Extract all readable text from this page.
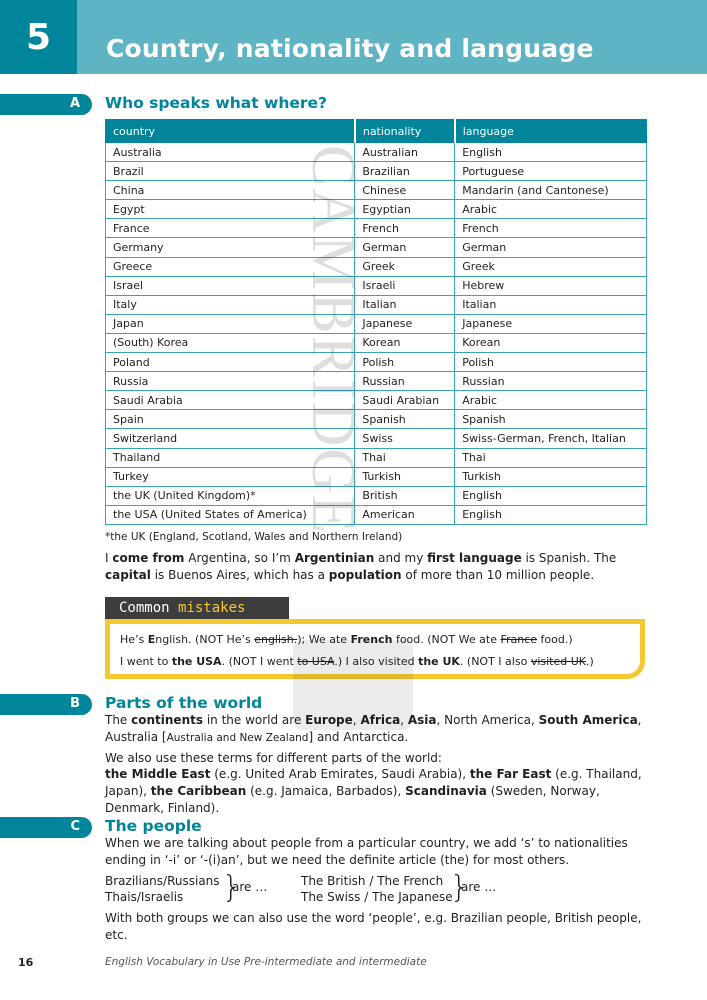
5 Country, nationality and language
A Who speaks what where?
country	nationality	language
Australia	Australian	English
Brazil	Brazilian	Portuguese
China	Chinese	Mandarin (and Cantonese)
Egypt	Egyptian	Arabic
France	French	French
Germany	German	German
Greece	Greek	Greek
Israel	Israeli	Hebrew
Italy	Italian	Italian
Japan	Japanese	Japanese
(South) Korea	Korean	Korean
Poland	Polish	Polish
Russia	Russian	Russian
Saudi Arabia	Saudi Arabian	Arabic
Spain	Spanish	Spanish
Switzerland	Swiss	Swiss-German, French, Italian
Thailand	Thai	Thai
Turkey	Turkish	Turkish
the UK (United Kingdom)*	British	English
the USA (United States of America)	American	English
*the UK (England, Scotland, Wales and Northern Ireland)
I come from Argentina, so I’m Argentinian and my first language is Spanish. The capital is Buenos Aires, which has a population of more than 10 million people.
Common mistakes
He’s English. (NOT He’s english.); We ate French food. (NOT We ate France food.)
I went to the USA. (NOT I went to USA.) I also visited the UK. (NOT I also visited UK.)
B Parts of the world
The continents in the world are Europe, Africa, Asia, North America, South America,
Australia [Australia and New Zealand] and Antarctica.
We also use these terms for different parts of the world:
the Middle East (e.g. United Arab Emirates, Saudi Arabia), the Far East (e.g. Thailand, Japan), the Caribbean (e.g. Jamaica, Barbados), Scandinavia (Sweden, Norway, Denmark, Finland).
C The people
When we are talking about people from a particular country, we add ‘s’ to nationalities ending in ‘-i’ or ‘-(i)an’, but we need the definite article (the) for most others.
Brazilians/Russians
Thais/Israelis	}
are …	The British / The French
The Swiss / The Japanese
}
are …
With both groups we can also use the word ‘people’, e.g. Brazilian people, British people, etc.
16	English Vocabulary in Use Pre-intermediate and intermediate
CAMBRIDGE
